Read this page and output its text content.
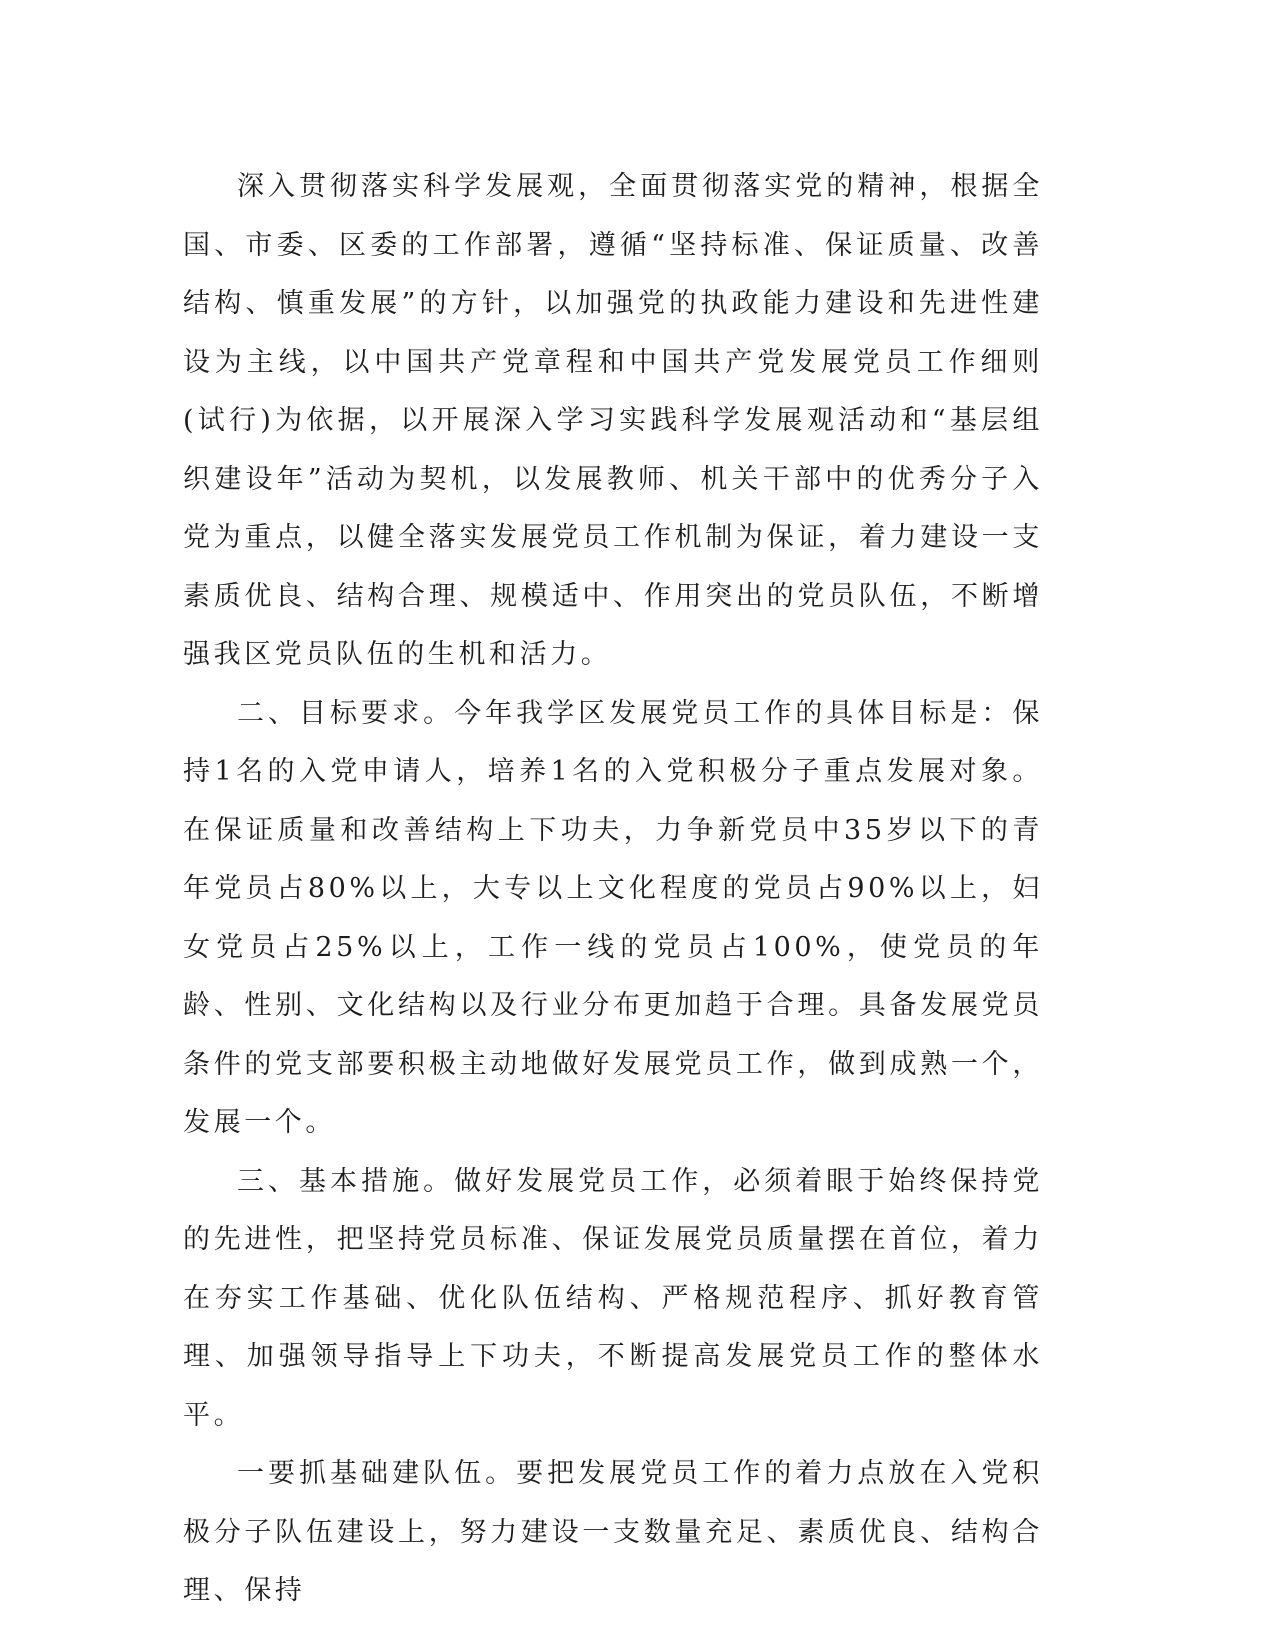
深入贯彻落实科学发展观，全面贯彻落实党的精神，根据全国、市委、区委的工作部署，遵循“坚持标准、保证质量、改善结构、慎重发展”的方针，以加强党的执政能力建设和先进性建设为主线，以中国共产党章程和中国共产党发展党员工作细则(试行)为依据，以开展深入学习实践科学发展观活动和“基层组织建设年”活动为契机，以发展教师、机关干部中的优秀分子入党为重点，以健全落实发展党员工作机制为保证，着力建设一支素质优良、结构合理、规模适中、作用突出的党员队伍，不断增强我区党员队伍的生机和活力。

二、目标要求。今年我学区发展党员工作的具体目标是：保持1名的入党申请人，培养1名的入党积极分子重点发展对象。在保证质量和改善结构上下功夫，力争新党员中35岁以下的青年党员占80%以上，大专以上文化程度的党员占90%以上，妇女党员占25%以上，工作一线的党员占100%，使党员的年龄、性别、文化结构以及行业分布更加趋于合理。具备发展党员条件的党支部要积极主动地做好发展党员工作，做到成熟一个，发展一个。

三、基本措施。做好发展党员工作，必须着眼于始终保持党的先进性，把坚持党员标准、保证发展党员质量摆在首位，着力在夯实工作基础、优化队伍结构、严格规范程序、抓好教育管理、加强领导指导上下功夫，不断提高发展党员工作的整体水平。

一要抓基础建队伍。要把发展党员工作的着力点放在入党积极分子队伍建设上，努力建设一支数量充足、素质优良、结构合理、保持
